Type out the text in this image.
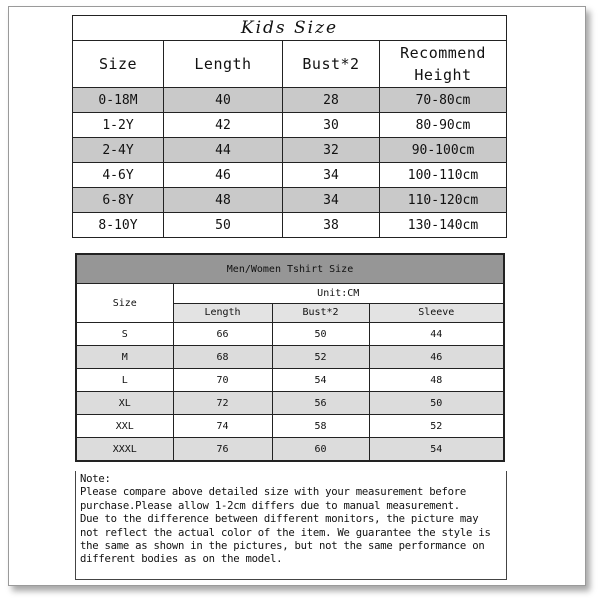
Kids Size			
Size	Length	Bust*2	Recommend Height
0-18M	40	28	70-80cm
1-2Y	42	30	80-90cm
2-4Y	44	32	90-100cm
4-6Y	46	34	100-110cm
6-8Y	48	34	110-120cm
8-10Y	50	38	130-140cm
Men/Women Tshirt Size			
Size	Unit:CM		
	Length	Bust*2	Sleeve
S	66	50	44
M	68	52	46
L	70	54	48
XL	72	56	50
XXL	74	58	52
XXXL	76	60	54
Note:
Please compare above detailed size with your measurement before
purchase.Please allow 1-2cm differs due to manual measurement.
Due to the difference between different monitors, the picture may
not reflect the actual color of the item. We guarantee the style is
the same as shown in the pictures, but not the same performance on
different bodies as on the model.
